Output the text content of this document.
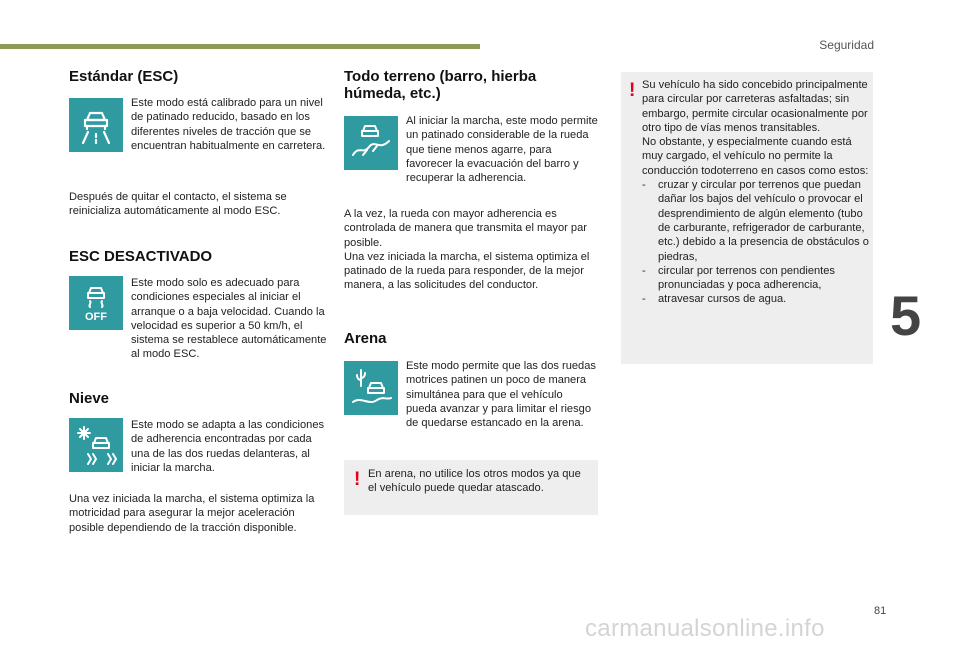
Seguridad
5
81
carmanualsonline.info
Estándar (ESC)

Este modo está calibrado para un nivel de patinado reducido, basado en los diferentes niveles de tracción que se encuentran habitualmente en carretera.

Después de quitar el contacto, el sistema se reinicializa automáticamente al modo ESC.

ESC DESACTIVADO
OFF

Este modo solo es adecuado para condiciones especiales al iniciar el arranque o a baja velocidad. Cuando la velocidad es superior a 50 km/h, el sistema se restablece automáticamente al modo ESC.

Nieve

Este modo se adapta a las condiciones de adherencia encontradas por cada una de las dos ruedas delanteras, al iniciar la marcha.

Una vez iniciada la marcha, el sistema optimiza la motricidad para asegurar la mejor aceleración posible dependiendo de la tracción disponible.

Todo terreno (barro, hierba húmeda, etc.)

Al iniciar la marcha, este modo permite un patinado considerable de la rueda que tiene menos agarre, para favorecer la evacuación del barro y recuperar la adherencia.

A la vez, la rueda con mayor adherencia es controlada de manera que transmita el mayor par posible.
Una vez iniciada la marcha, el sistema optimiza el patinado de la rueda para responder, de la mejor manera, a las solicitudes del conductor.

Arena

Este modo permite que las dos ruedas motrices patinen un poco de manera simultánea para que el vehículo pueda avanzar y para limitar el riesgo de quedarse estancado en la arena.

! En arena, no utilice los otros modos ya que el vehículo puede quedar atascado.

! Su vehículo ha sido concebido principalmente para circular por carreteras asfaltadas; sin embargo, permite circular ocasionalmente por otro tipo de vías menos transitables.
No obstante, y especialmente cuando está muy cargado, el vehículo no permite la conducción todoterreno en casos como estos:

-	cruzar y circular por terrenos que puedan dañar los bajos del vehículo o provocar el desprendimiento de algún elemento (tubo de carburante, refrigerador de carburante, etc.) debido a la presencia de obstáculos o piedras,
-	circular por terrenos con pendientes pronunciadas y poca adherencia,
-	atravesar cursos de agua.
